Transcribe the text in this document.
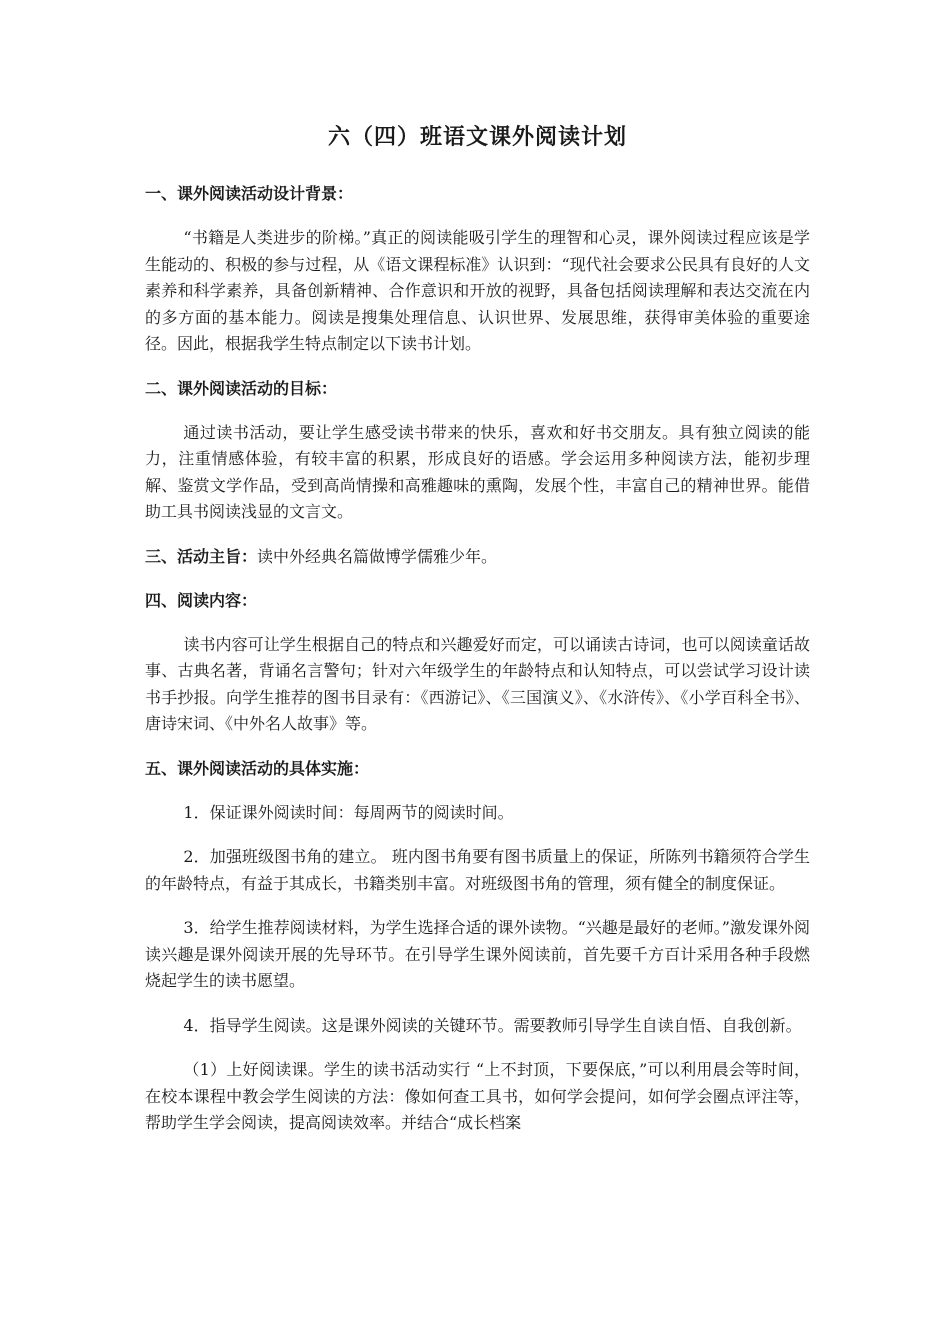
六（四）班语文课外阅读计划
一、课外阅读活动设计背景：
“书籍是人类进步的阶梯。”真正的阅读能吸引学生的理智和心灵，课外阅读过程应该是学生能动的、积极的参与过程，从《语文课程标准》认识到：“现代社会要求公民具有良好的人文素养和科学素养，具备创新精神、合作意识和开放的视野，具备包括阅读理解和表达交流在内的多方面的基本能力。阅读是搜集处理信息、认识世界、发展思维，获得审美体验的重要途径。因此，根据我学生特点制定以下读书计划。
二、课外阅读活动的目标：
通过读书活动，要让学生感受读书带来的快乐，喜欢和好书交朋友。具有独立阅读的能力，注重情感体验，有较丰富的积累，形成良好的语感。学会运用多种阅读方法，能初步理解、鉴赏文学作品，受到高尚情操和高雅趣味的熏陶，发展个性，丰富自己的精神世界。能借助工具书阅读浅显的文言文。
三、活动主旨：读中外经典名篇做博学儒雅少年。
四、阅读内容：
读书内容可让学生根据自己的特点和兴趣爱好而定，可以诵读古诗词，也可以阅读童话故事、古典名著，背诵名言警句；针对六年级学生的年龄特点和认知特点，可以尝试学习设计读书手抄报。向学生推荐的图书目录有：《西游记》、《三国演义》、《水浒传》、《小学百科全书》、唐诗宋词、《中外名人故事》等。
五、课外阅读活动的具体实施：
1．保证课外阅读时间：每周两节的阅读时间。
2．加强班级图书角的建立。 班内图书角要有图书质量上的保证，所陈列书籍须符合学生的年龄特点，有益于其成长，书籍类别丰富。对班级图书角的管理，须有健全的制度保证。
3．给学生推荐阅读材料，为学生选择合适的课外读物。“兴趣是最好的老师。”激发课外阅读兴趣是课外阅读开展的先导环节。在引导学生课外阅读前，首先要千方百计采用各种手段燃烧起学生的读书愿望。
4．指导学生阅读。这是课外阅读的关键环节。需要教师引导学生自读自悟、自我创新。
（1）上好阅读课。学生的读书活动实行 “上不封顶，下要保底，”可以利用晨会等时间，在校本课程中教会学生阅读的方法：像如何查工具书，如何学会提问，如何学会圈点评注等，帮助学生学会阅读，提高阅读效率。并结合“成长档案
